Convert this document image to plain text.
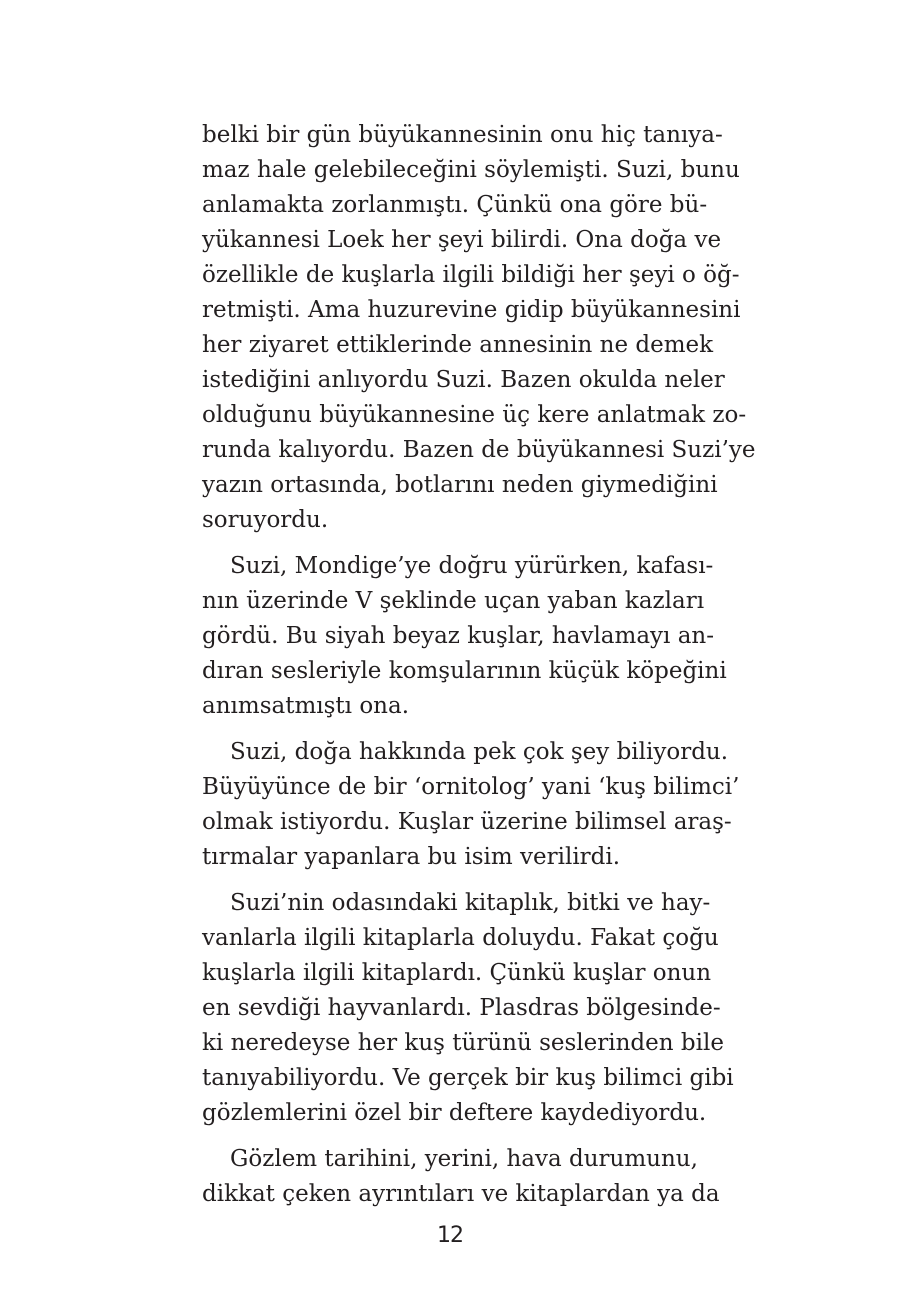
belki bir gün büyükannesinin onu hiç tanıya-
maz hale gelebileceğini söylemişti. Suzi, bunu
anlamakta zorlanmıştı. Çünkü ona göre bü-
yükannesi Loek her şeyi bilirdi. Ona doğa ve
özellikle de kuşlarla ilgili bildiği her şeyi o öğ-
retmişti. Ama huzurevine gidip büyükannesini
her ziyaret ettiklerinde annesinin ne demek
istediğini anlıyordu Suzi. Bazen okulda neler
olduğunu büyükannesine üç kere anlatmak zo-
runda kalıyordu. Bazen de büyükannesi Suzi’ye
yazın ortasında, botlarını neden giymediğini
soruyordu.

Suzi, Mondige’ye doğru yürürken, kafası-
nın üzerinde V şeklinde uçan yaban kazları
gördü. Bu siyah beyaz kuşlar, havlamayı an-
dıran sesleriyle komşularının küçük köpeğini
anımsatmıştı ona.

Suzi, doğa hakkında pek çok şey biliyordu.
Büyüyünce de bir ‘ornitolog’ yani ‘kuş bilimci’
olmak istiyordu. Kuşlar üzerine bilimsel araş-
tırmalar yapanlara bu isim verilirdi.

Suzi’nin odasındaki kitaplık, bitki ve hay-
vanlarla ilgili kitaplarla doluydu. Fakat çoğu
kuşlarla ilgili kitaplardı. Çünkü kuşlar onun
en sevdiği hayvanlardı. Plasdras bölgesinde-
ki neredeyse her kuş türünü seslerinden bile
tanıyabiliyordu. Ve gerçek bir kuş bilimci gibi
gözlemlerini özel bir deftere kaydediyordu.

Gözlem tarihini, yerini, hava durumunu,
dikkat çeken ayrıntıları ve kitaplardan ya da

12
